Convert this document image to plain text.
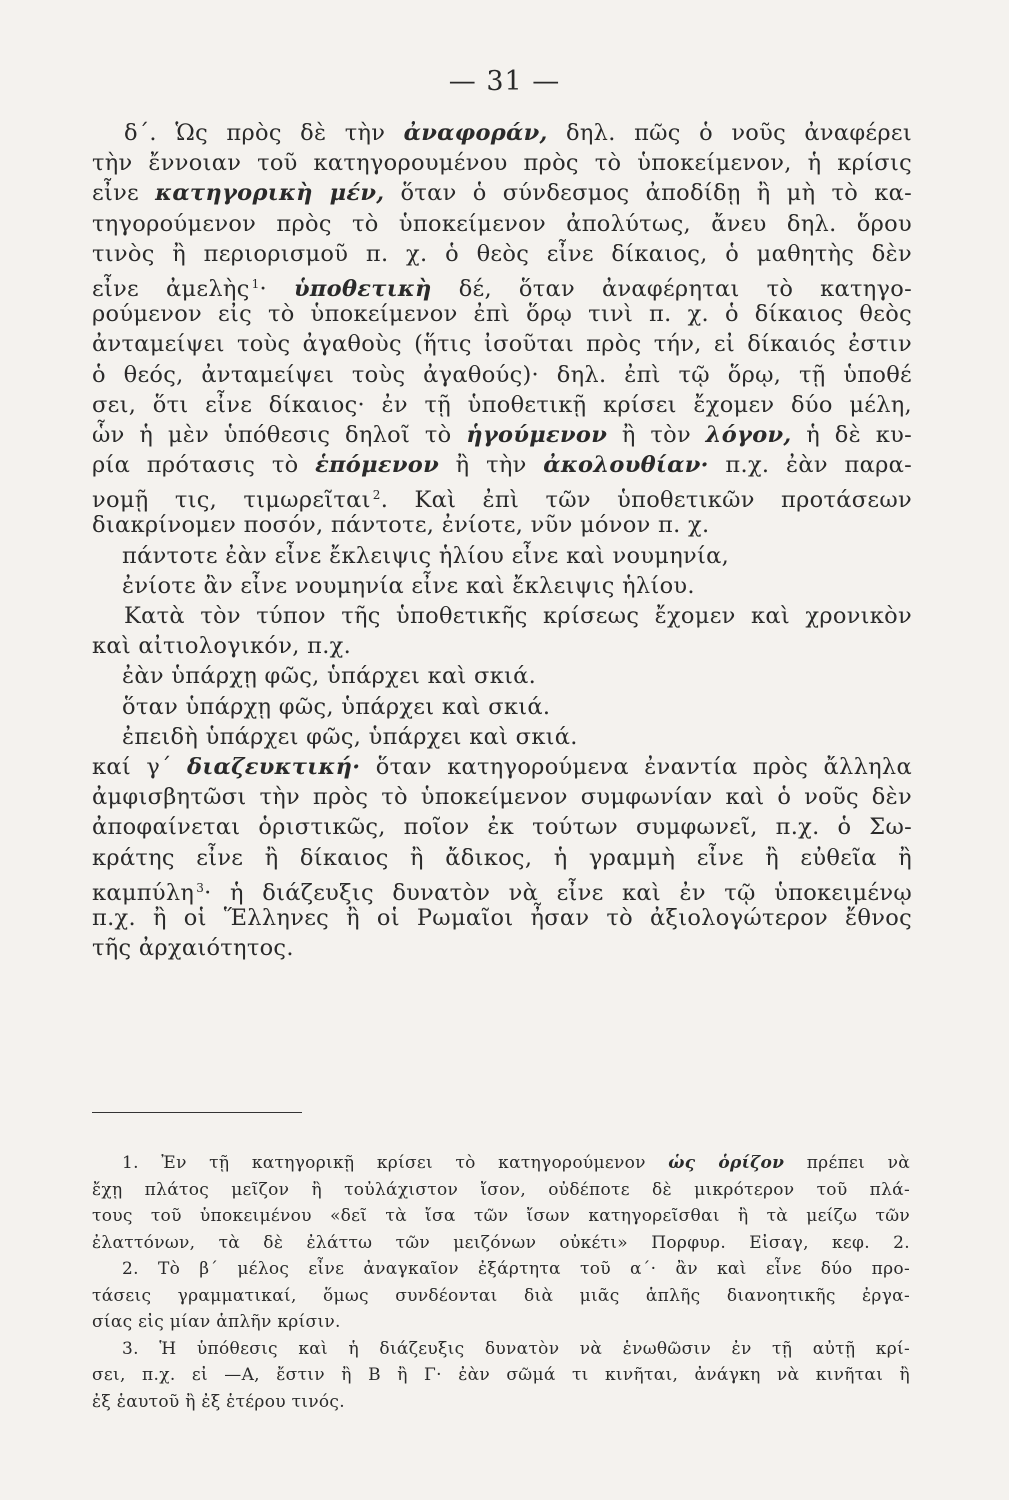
— 31 —
δ΄. Ὡς πρὸς δὲ τὴν ἀναφοράν, δηλ. πῶς ὁ νοῦς ἀναφέρει
τὴν ἔννοιαν τοῦ κατηγορουμένου πρὸς τὸ ὑποκείμενον, ἡ κρίσις
εἶνε κατηγορικὴ μέν, ὅταν ὁ σύνδεσμος ἀποδίδῃ ἢ μὴ τὸ κα-
τηγορούμενον πρὸς τὸ ὑποκείμενον ἀπολύτως, ἄνευ δηλ. ὅρου
τινὸς ἢ περιορισμοῦ π. χ. ὁ θεὸς εἶνε δίκαιος, ὁ μαθητὴς δὲν
εἶνε ἀμελὴς $^1$· ὑποθετικὴ δέ, ὅταν ἀναφέρηται τὸ κατηγο-
ρούμενον εἰς τὸ ὑποκείμενον ἐπὶ ὅρῳ τινὶ π. χ. ὁ δίκαιος θεὸς
ἀνταμείψει τοὺς ἀγαθοὺς (ἥτις ἰσοῦται πρὸς τήν, εἰ δίκαιός ἐστιν
ὁ θεός, ἀνταμείψει τοὺς ἀγαθούς)· δηλ. ἐπὶ τῷ ὅρῳ, τῇ ὑποθέ
σει, ὅτι εἶνε δίκαιος· ἐν τῇ ὑποθετικῇ κρίσει ἔχομεν δύο μέλη,
ὧν ἡ μὲν ὑπόθεσις δηλοῖ τὸ ἡγούμενον ἢ τὸν λόγον, ἡ δὲ κυ-
ρία πρότασις τὸ ἑπόμενον ἢ τὴν ἀκολουθίαν· π.χ. ἐὰν παρα-
νομῇ τις, τιμωρεῖται $^2$. Καὶ ἐπὶ τῶν ὑποθετικῶν προτάσεων
διακρίνομεν ποσόν, πάντοτε, ἐνίοτε, νῦν μόνον π. χ.
πάντοτε ἐὰν εἶνε ἔκλειψις ἡλίου εἶνε καὶ νουμηνία,
ἐνίοτε ἂν εἶνε νουμηνία εἶνε καὶ ἔκλειψις ἡλίου.
Κατὰ τὸν τύπον τῆς ὑποθετικῆς κρίσεως ἔχομεν καὶ χρονικὸν
καὶ αἰτιολογικόν, π.χ.
ἐὰν ὑπάρχῃ φῶς, ὑπάρχει καὶ σκιά.
ὅταν ὑπάρχῃ φῶς, ὑπάρχει καὶ σκιά.
ἐπειδὴ ὑπάρχει φῶς, ὑπάρχει καὶ σκιά.
καί γ΄ διαζευκτική· ὅταν κατηγορούμενα ἐναντία πρὸς ἄλληλα
ἀμφισβητῶσι τὴν πρὸς τὸ ὑποκείμενον συμφωνίαν καὶ ὁ νοῦς δὲν
ἀποφαίνεται ὁριστικῶς, ποῖον ἐκ τούτων συμφωνεῖ, π.χ. ὁ Σω-
κράτης εἶνε ἢ δίκαιος ἢ ἄδικος, ἡ γραμμὴ εἶνε ἢ εὐθεῖα ἢ
καμπύλη $^3$· ἡ διάζευξις δυνατὸν νὰ εἶνε καὶ ἐν τῷ ὑποκειμένῳ
π.χ. ἢ οἱ Ἕλληνες ἢ οἱ Ρωμαῖοι ἦσαν τὸ ἀξιολογώτερον ἔθνος
τῆς ἀρχαιότητος.
1. Ἐν τῇ κατηγορικῇ κρίσει τὸ κατηγορούμενον ὡς ὁρίζον πρέπει νὰ
ἔχῃ πλάτος μεῖζον ἢ τοὐλάχιστον ἴσον, οὐδέποτε δὲ μικρότερον τοῦ πλά-
τους τοῦ ὑποκειμένου «δεῖ τὰ ἴσα τῶν ἴσων κατηγορεῖσθαι ἢ τὰ μείζω τῶν
ἐλαττόνων, τὰ δὲ ἐλάττω τῶν μειζόνων οὐκέτι» Πορφυρ. Εἰσαγ, κεφ. 2.
2. Τὸ β΄ μέλος εἶνε ἀναγκαῖον ἐξάρτητα τοῦ α΄· ἂν καὶ εἶνε δύο προ-
τάσεις γραμματικαί, ὅμως συνδέονται διὰ μιᾶς ἁπλῆς διανοητικῆς ἐργα-
σίας εἰς μίαν ἁπλῆν κρίσιν.
3. Ἡ ὑπόθεσις καὶ ἡ διάζευξις δυνατὸν νὰ ἑνωθῶσιν ἐν τῇ αὐτῇ κρί-
σει, π.χ. εἰ —Α, ἔστιν ἢ Β ἢ Γ· ἐὰν σῶμά τι κινῆται, ἀνάγκη νὰ κινῆται ἢ
ἐξ ἑαυτοῦ ἢ ἐξ ἑτέρου τινός.
